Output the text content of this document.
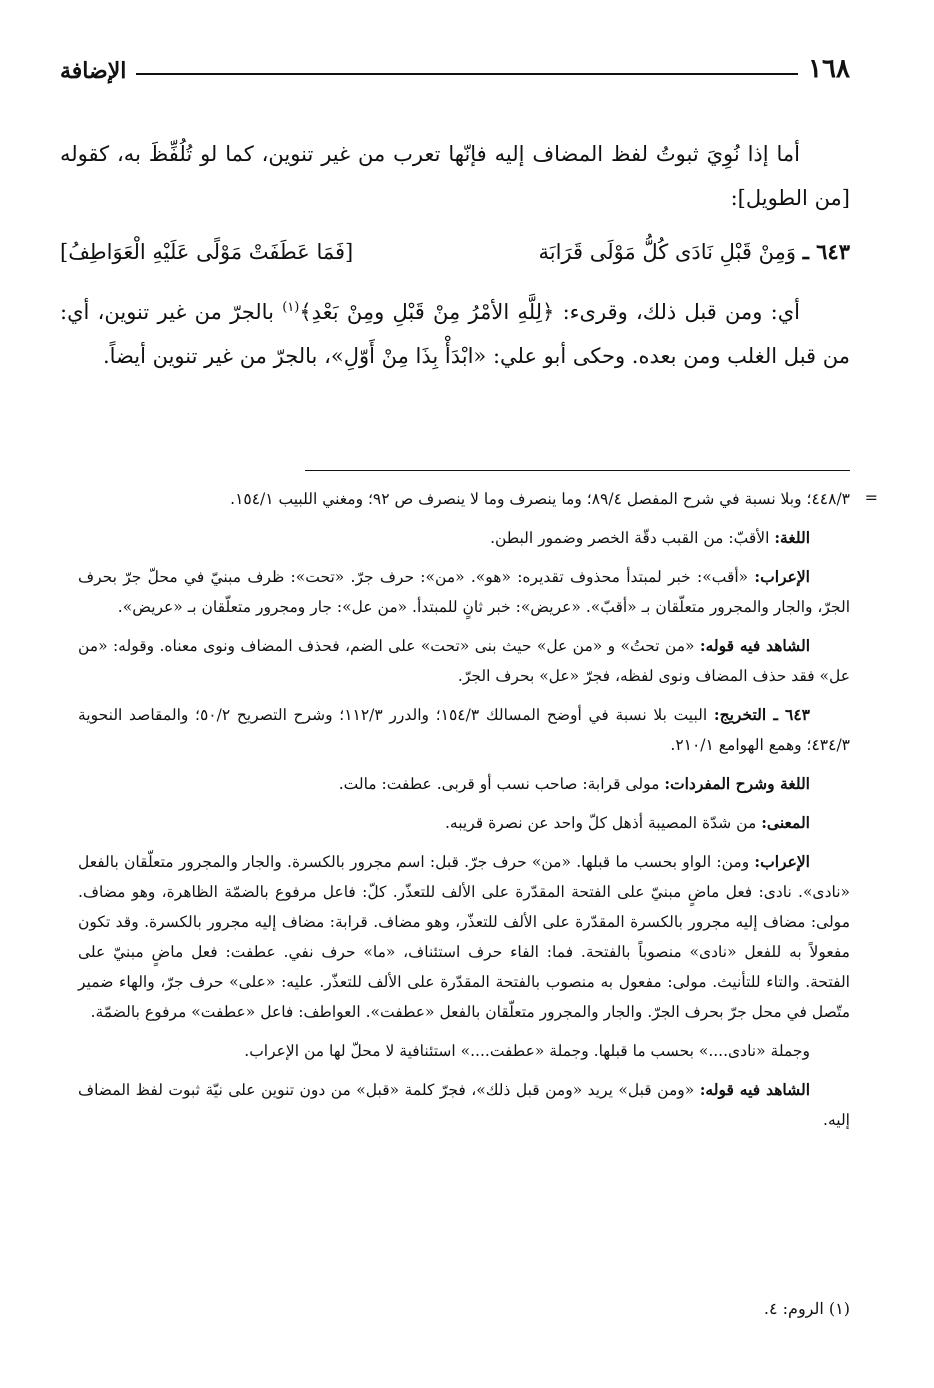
١٦٨
الإضافة

أما إذا نُوِيَ ثبوتُ لفظ المضاف إليه فإنّها تعرب من غير تنوين، كما لو تُلُفِّظَ به، كقوله [من الطويل]:

٦٤٣ ـ وَمِنْ قَبْلِ نَادَى كُلُّ مَوْلَى قَرَابَة
[فَمَا عَطَفَتْ مَوْلًى عَلَيْهِ الْعَوَاطِفُ]

أي: ومن قبل ذلك، وقرىء: ﴿لِلَّهِ الأمْرُ مِنْ قَبْلِ ومِنْ بَعْدِ﴾$^{(١)}$ بالجرّ من غير تنوين، أي: من قبل الغلب ومن بعده. وحكى أبو علي: «ابْدَأْ بِذَا مِنْ أَوّلِ»، بالجرّ من غير تنوين أيضاً.

=

٤٤٨/٣؛ وبلا نسبة في شرح المفصل ٨٩/٤؛ وما ينصرف وما لا ينصرف ص ٩٢؛ ومغني اللبيب ١٥٤/١.

اللغة: الأقبّ: من القبب دقّة الخصر وضمور البطن.

الإعراب: «أقب»: خبر لمبتدأ محذوف تقديره: «هو». «من»: حرف جرّ. «تحت»: ظرف مبنيّ في محلّ جرّ بحرف الجرّ، والجار والمجرور متعلّقان بـ «أقبّ». «عريض»: خبر ثانٍ للمبتدأ. «من عل»: جار ومجرور متعلّقان بـ «عريض».

الشاهد فيه قوله: «من تحتُ» و «من عل» حيث بنى «تحت» على الضم، فحذف المضاف ونوى معناه. وقوله: «من عل» فقد حذف المضاف ونوى لفظه، فجرّ «عل» بحرف الجرّ.

٦٤٣ ـ التخريج: البيت بلا نسبة في أوضح المسالك ١٥٤/٣؛ والدرر ١١٢/٣؛ وشرح التصريح ٥٠/٢؛ والمقاصد النحوية ٤٣٤/٣؛ وهمع الهوامع ٢١٠/١.

اللغة وشرح المفردات: مولى قرابة: صاحب نسب أو قربى. عطفت: مالت.

المعنى: من شدّة المصيبة أذهل كلّ واحد عن نصرة قريبه.

الإعراب: ومن: الواو بحسب ما قبلها. «من» حرف جرّ. قبل: اسم مجرور بالكسرة. والجار والمجرور متعلّقان بالفعل «نادى». نادى: فعل ماضٍ مبنيّ على الفتحة المقدّرة على الألف للتعذّر. كلّ: فاعل مرفوع بالضمّة الظاهرة، وهو مضاف. مولى: مضاف إليه مجرور بالكسرة المقدّرة على الألف للتعذّر، وهو مضاف. قرابة: مضاف إليه مجرور بالكسرة. وقد تكون مفعولاً به للفعل «نادى» منصوباً بالفتحة. فما: الفاء حرف استئناف، «ما» حرف نفي. عطفت: فعل ماضٍ مبنيّ على الفتحة. والتاء للتأنيث. مولى: مفعول به منصوب بالفتحة المقدّرة على الألف للتعذّر. عليه: «على» حرف جرّ، والهاء ضمير متّصل في محل جرّ بحرف الجرّ. والجار والمجرور متعلّقان بالفعل «عطفت». العواطف: فاعل «عطفت» مرفوع بالضمّة.

وجملة «نادى....» بحسب ما قبلها. وجملة «عطفت....» استئنافية لا محلّ لها من الإعراب.

الشاهد فيه قوله: «ومن قبل» يريد «ومن قبل ذلك»، فجرّ كلمة «قبل» من دون تنوين على نيّة ثبوت لفظ المضاف إليه.

(١) الروم: ٤.
